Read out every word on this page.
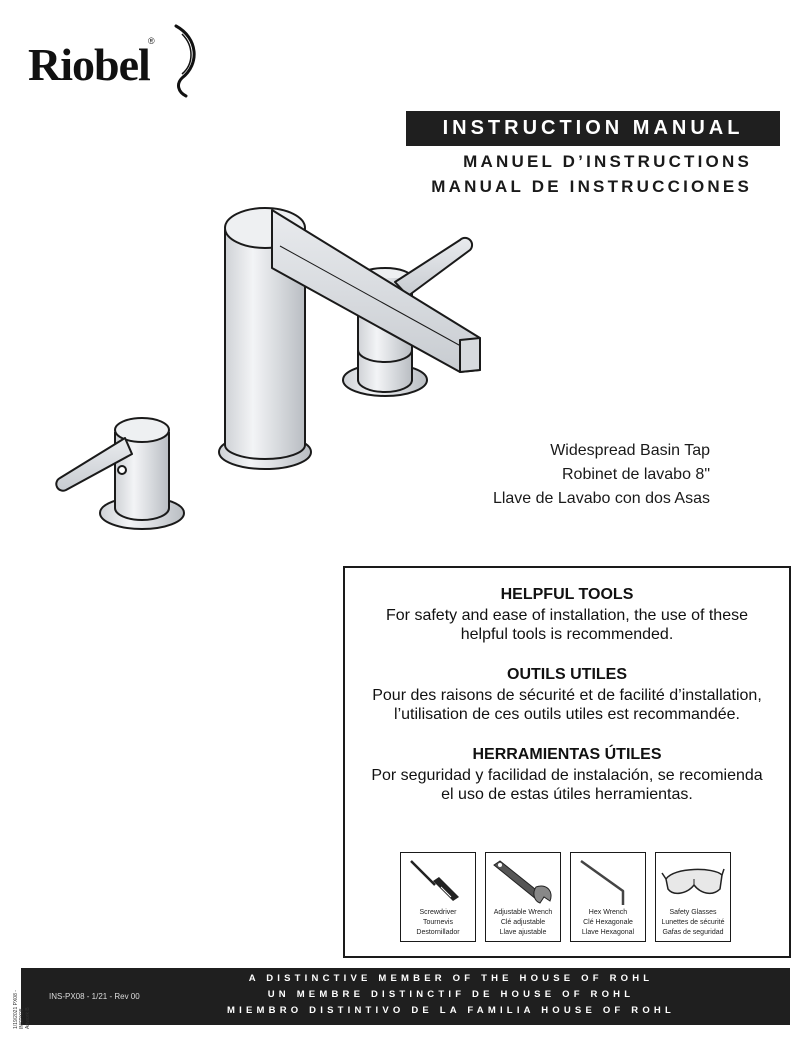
Riobel
®
INSTRUCTION MANUAL
MANUEL D’INSTRUCTIONS
MANUAL DE INSTRUCCIONES
Widespread Basin Tap
Robinet de lavabo 8"
Llave de Lavabo con dos Asas
HELPFUL TOOLS
For safety and ease of installation, the use of these
helpful tools is recommended.
OUTILS UTILES
Pour des raisons de sécurité et de facilité d’installation,
l’utilisation de ces outils utiles est recommandée.
HERRAMIENTAS ÚTILES
Por seguridad y facilidad de instalación, se recomienda
el uso de estas útiles herramientas.
Screwdriver
Tournevis
Destornillador
Adjustable Wrench
Clé adjustable
Llave ajustable
Hex Wrench
Clé Hexagonale
Llave Hexagonal
Safety Glasses
Lunettes de sécurité
Gafas de seguridad
INS-PX08 - 1/21 - Rev 00
A DISTINCTIVE MEMBER OF THE HOUSE OF ROHL
UN MEMBRE DISTINCTIF DE HOUSE OF ROHL
MIEMBRO DISTINTIVO DE LA FAMILIA HOUSE OF ROHL
1/19/2021 PX08 - INSPX08 Artwork B
